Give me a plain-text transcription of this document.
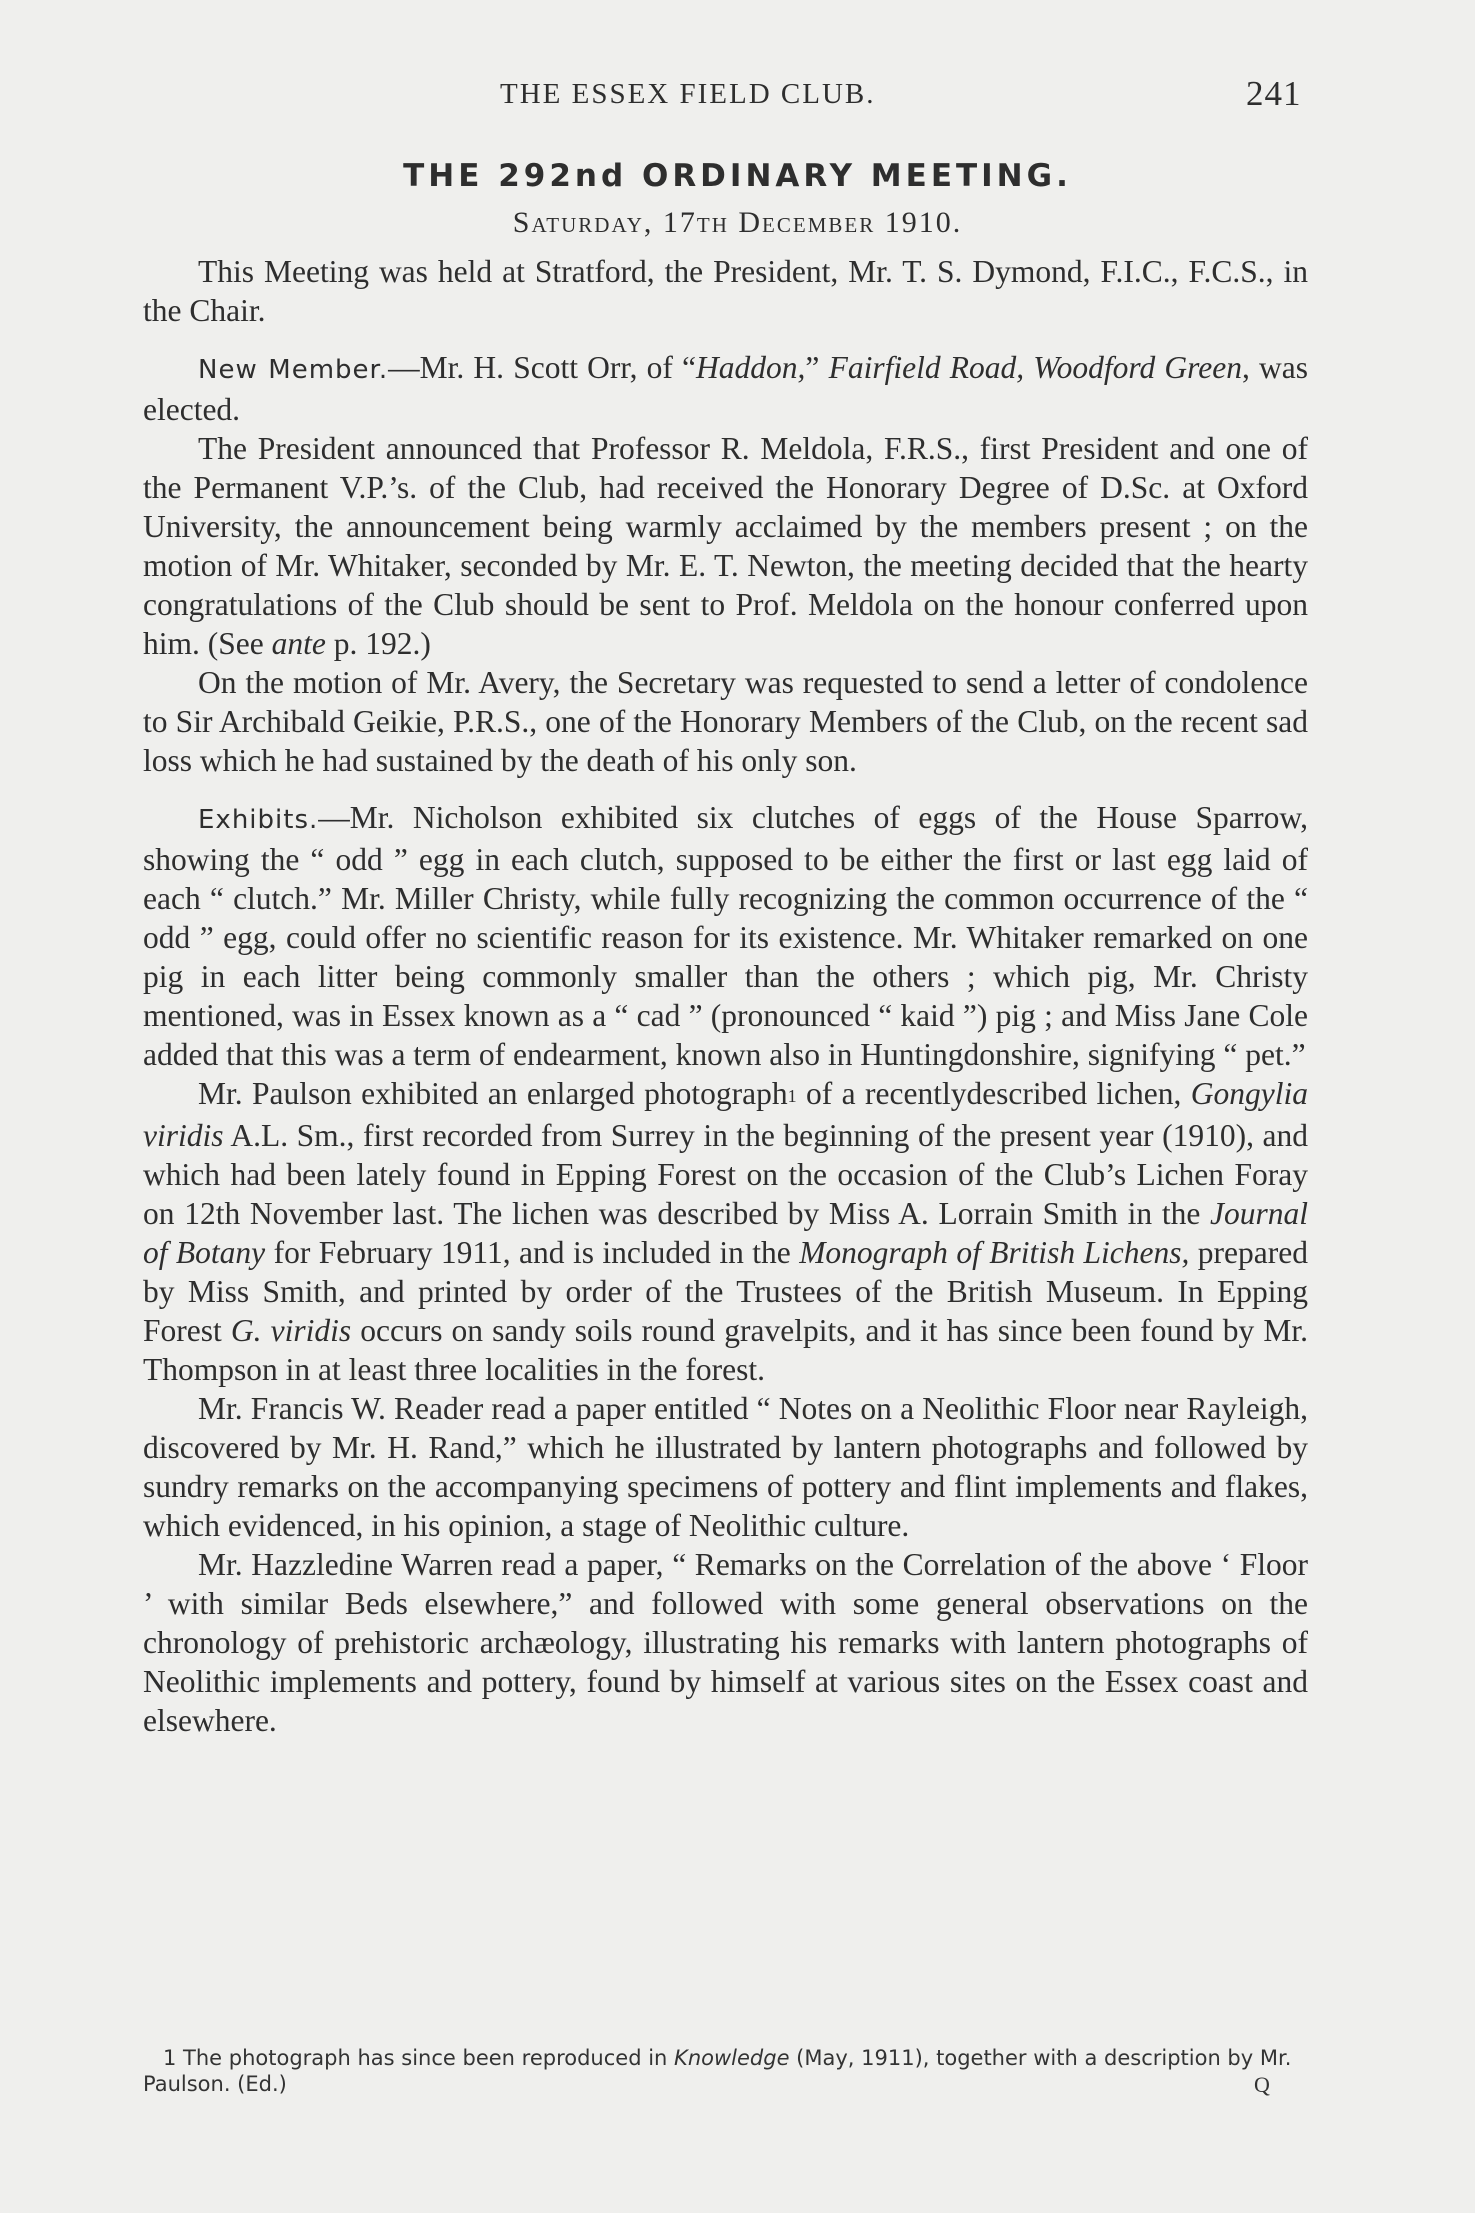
THE ESSEX FIELD CLUB.	241
THE 292nd ORDINARY MEETING.
Saturday, 17th December 1910.

This Meeting was held at Stratford, the President, Mr. T. S. Dymond, F.I.C., F.C.S., in the Chair.

New Member.—Mr. H. Scott Orr, of “Haddon,” Fairfield Road, Woodford Green, was elected.

The President announced that Professor R. Meldola, F.R.S., first President and one of the Permanent V.P.’s. of the Club, had received the Honorary Degree of D.Sc. at Oxford University, the announcement being warmly acclaimed by the members present ; on the motion of Mr. Whitaker, seconded by Mr. E. T. Newton, the meeting decided that the hearty congratulations of the Club should be sent to Prof. Meldola on the honour conferred upon him. (See ante p. 192.)

On the motion of Mr. Avery, the Secretary was requested to send a letter of condolence to Sir Archibald Geikie, P.R.S., one of the Honorary Members of the Club, on the recent sad loss which he had sustained by the death of his only son.

Exhibits.—Mr. Nicholson exhibited six clutches of eggs of the House Sparrow, showing the “ odd ” egg in each clutch, supposed to be either the first or last egg laid of each “ clutch.” Mr. Miller Christy, while fully recognizing the common occurrence of the “ odd ” egg, could offer no scientific reason for its existence. Mr. Whitaker remarked on one pig in each litter being commonly smaller than the others ; which pig, Mr. Christy mentioned, was in Essex known as a “ cad ” (pronounced “ kaid ”) pig ; and Miss Jane Cole added that this was a term of endearment, known also in Huntingdonshire, signifying “ pet.”

Mr. Paulson exhibited an enlarged photograph1 of a recentlydescribed lichen, Gongylia viridis A.L. Sm., first recorded from Surrey in the beginning of the present year (1910), and which had been lately found in Epping Forest on the occasion of the Club’s Lichen Foray on 12th November last. The lichen was described by Miss A. Lorrain Smith in the Journal of Botany for February 1911, and is included in the Monograph of British Lichens, prepared by Miss Smith, and printed by order of the Trustees of the British Museum. In Epping Forest G. viridis occurs on sandy soils round gravelpits, and it has since been found by Mr. Thompson in at least three localities in the forest.

Mr. Francis W. Reader read a paper entitled “ Notes on a Neolithic Floor near Rayleigh, discovered by Mr. H. Rand,” which he illustrated by lantern photographs and followed by sundry remarks on the accompanying specimens of pottery and flint implements and flakes, which evidenced, in his opinion, a stage of Neolithic culture.

Mr. Hazzledine Warren read a paper, “ Remarks on the Correlation of the above ‘ Floor ’ with similar Beds elsewhere,” and followed with some general observations on the chronology of prehistoric archæology, illustrating his remarks with lantern photographs of Neolithic implements and pottery, found by himself at various sites on the Essex coast and elsewhere.

1 The photograph has since been reproduced in Knowledge (May, 1911), together with a description by Mr. Paulson. (Ed.)	Q
